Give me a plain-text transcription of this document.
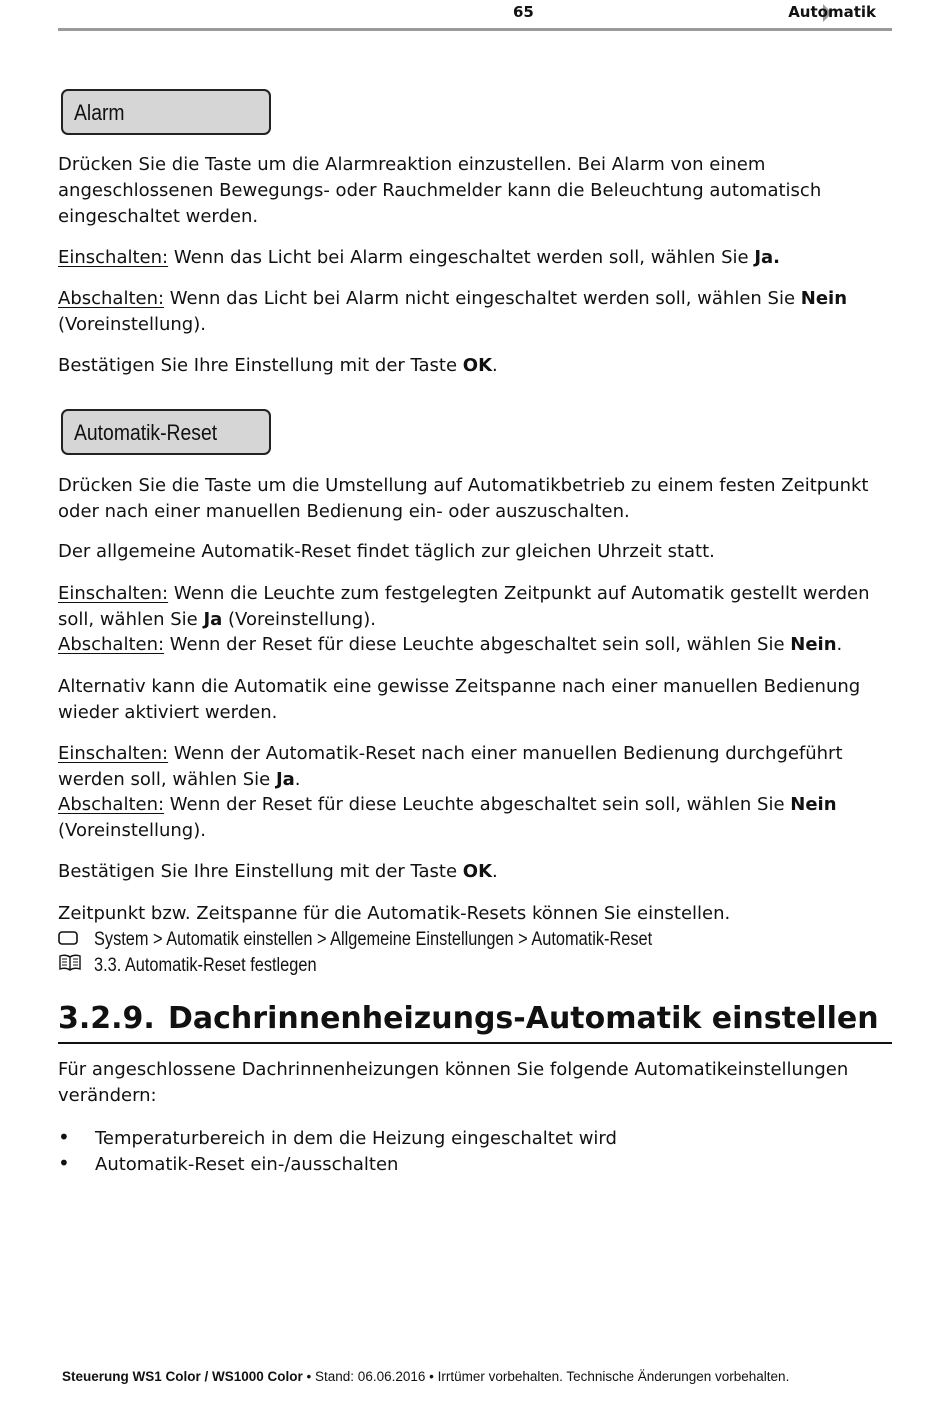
65	Automatik
Alarm

Drücken Sie die Taste um die Alarmreaktion einzustellen. Bei Alarm von einem angeschlossenen Bewegungs- oder Rauchmelder kann die Beleuchtung automatisch eingeschaltet werden.

Einschalten: Wenn das Licht bei Alarm eingeschaltet werden soll, wählen Sie Ja.

Abschalten: Wenn das Licht bei Alarm nicht eingeschaltet werden soll, wählen Sie Nein (Voreinstellung).

Bestätigen Sie Ihre Einstellung mit der Taste OK.

Automatik-Reset

Drücken Sie die Taste um die Umstellung auf Automatikbetrieb zu einem festen Zeitpunkt oder nach einer manuellen Bedienung ein- oder auszuschalten.

Der allgemeine Automatik-Reset findet täglich zur gleichen Uhrzeit statt.

Einschalten: Wenn die Leuchte zum festgelegten Zeitpunkt auf Automatik gestellt werden soll, wählen Sie Ja (Voreinstellung).

Abschalten: Wenn der Reset für diese Leuchte abgeschaltet sein soll, wählen Sie Nein.

Alternativ kann die Automatik eine gewisse Zeitspanne nach einer manuellen Bedienung wieder aktiviert werden.

Einschalten: Wenn der Automatik-Reset nach einer manuellen Bedienung durchgeführt werden soll, wählen Sie Ja.

Abschalten: Wenn der Reset für diese Leuchte abgeschaltet sein soll, wählen Sie Nein (Voreinstellung).

Bestätigen Sie Ihre Einstellung mit der Taste OK.

Zeitpunkt bzw. Zeitspanne für die Automatik-Resets können Sie einstellen.

System > Automatik einstellen > Allgemeine Einstellungen > Automatik-Reset
3.3. Automatik-Reset festlegen
3.2.9. Dachrinnenheizungs-Automatik einstellen

Für angeschlossene Dachrinnenheizungen können Sie folgende Automatikeinstellungen verändern:

• Temperaturbereich in dem die Heizung eingeschaltet wird
• Automatik-Reset ein-/ausschalten
Steuerung WS1 Color / WS1000 Color • Stand: 06.06.2016 • Irrtümer vorbehalten. Technische Änderungen vorbehalten.
